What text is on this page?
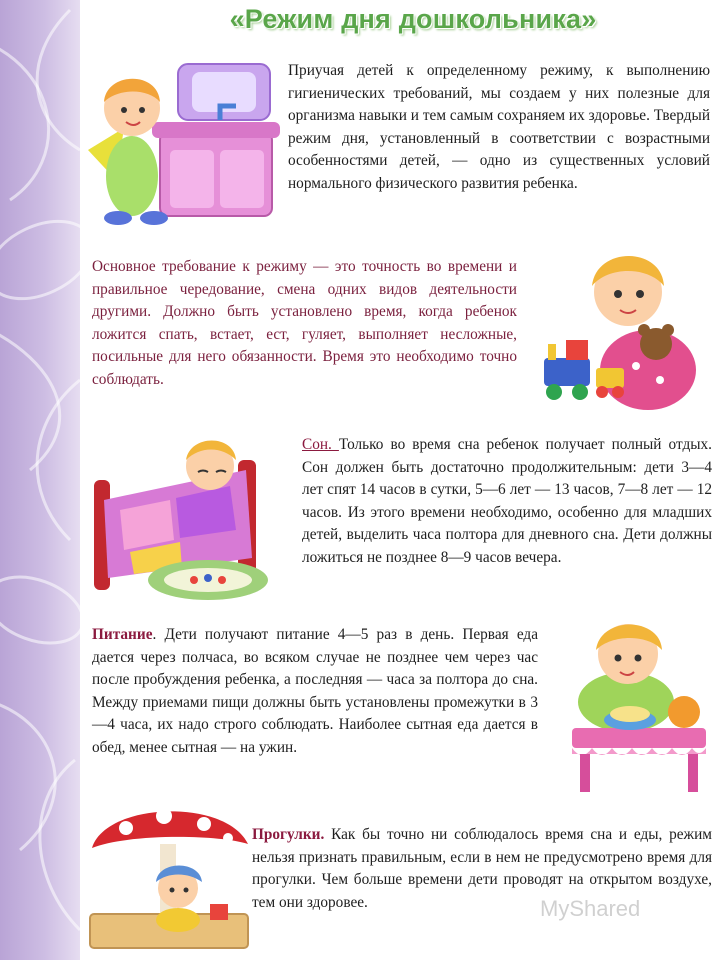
«Режим дня дошкольника»

Приучая детей к определенному режиму, к выполнению гигиенических требований, мы создаем у них полезные для организма навыки и тем самым сохраняем их здоровье. Твердый режим дня, установленный в соответствии с возрастными особенностями детей, — одно из существенных условий нормального физического развития ребенка.

Основное требование к режиму — это точность во времени и правильное чередование, смена одних видов деятельности другими. Должно быть установлено время, когда ребенок ложится спать, встает, ест, гуляет, выполняет несложные, посильные для него обязанности. Время это необходимо точно соблюдать.

Сон. Только во время сна ребенок получает полный отдых. Сон должен быть достаточно продолжительным: дети 3—4 лет спят 14 часов в сутки, 5—6 лет — 13 часов, 7—8 лет — 12 часов. Из этого времени необходимо, особенно для младших детей, выделить часа полтора для дневного сна. Дети должны ложиться не позднее 8—9 часов вечера.

Питание. Дети получают питание 4—5 раз в день. Первая еда дается через полчаса, во всяком случае не позднее чем через час после пробуждения ребенка, а последняя — часа за полтора до сна. Между приемами пищи должны быть установлены промежутки в 3—4 часа, их надо строго соблюдать. Наиболее сытная еда дается в обед, менее сытная — на ужин.

Прогулки. Как бы точно ни соблюдалось время сна и еды, режим нельзя признать правильным, если в нем не предусмотрено время для прогулки. Чем больше времени дети проводят на открытом воздухе, тем они здоровее.	MyShared
